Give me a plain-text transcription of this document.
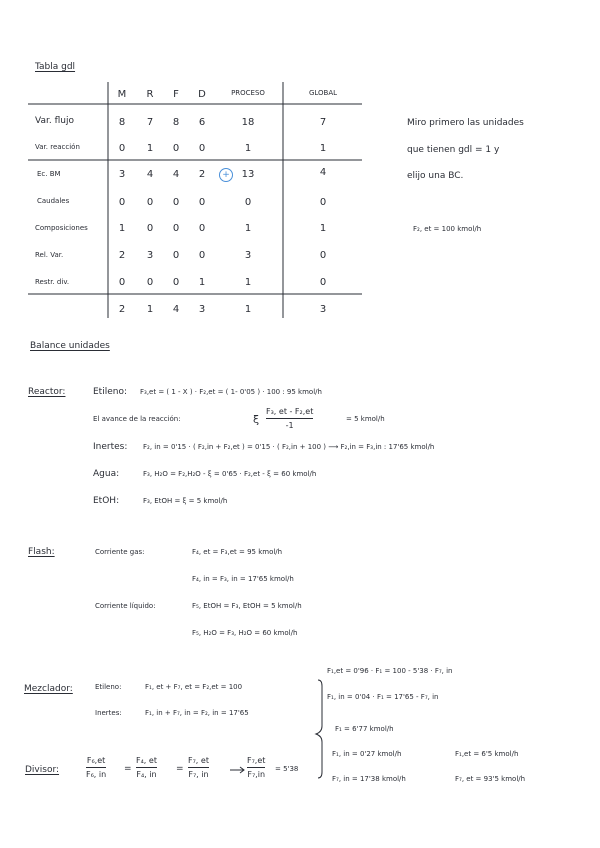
Tabla gdl
M	R	F	D	PROCESO	GLOBAL
Var. flujo	8	7	8	6	18	7
Var. reacción	0	1	0	0	1	1
Ec. BM	3	4	4	2	+	13	4
Caudales	0	0	0	0	0	0
Composiciones	1	0	0	0	1	1
Rel. Var.	2	3	0	0	3	0
Restr. div.	0	0	0	1	1	0
2	1	4	3	1	3
Miro primero las unidades
que tienen gdl = 1 y
elijo una BC.
F₂, et = 100 kmol/h
Balance unidades
Reactor:	Etileno: F₃,et = ( 1 - X ) · F₂,et = ( 1- 0'05 ) · 100 : 95 kmol/h
El avance de la reacción:	ξ
F₃, et - F₂,et
-1
= 5 kmol/h
Inertes: F₂, in = 0'15 · ( F₂,in + F₂,et ) = 0'15 · ( F₂,in + 100 ) ⟶ F₂,in = F₃,in : 17'65 kmol/h
Agua:	F₃, H₂O = F₂,H₂O - ξ = 0'65 · F₂,et - ξ = 60 kmol/h
EtOH:	F₃, EtOH = ξ = 5 kmol/h
Flash:	Corriente gas:	F₄, et = F₃,et = 95 kmol/h
F₄, in = F₃, in = 17'65 kmol/h
Corriente líquido:	F₅, EtOH = F₃, EtOH = 5 kmol/h
F₅, H₂O = F₃, H₂O = 60 kmol/h
Mezclador:	Etileno:	F₁, et + F₇, et = F₂,et = 100
Inertes:	F₁, in + F₇, in = F₂, in = 17'65
Divisor:
F₆,et
F₆, in
=
F₄, et
F₄, in
=
F₇, et
F₇, in
F₇,et
F₇,in
= 5'38
F₁,et = 0'96 · F₁ = 100 - 5'38 · F₇, in
F₁, in = 0'04 · F₁ = 17'65 - F₇, in
F₁ = 6'77 kmol/h
F₁, in = 0'27 kmol/h	F₁,et = 6'5 kmol/h
F₇, in = 17'38 kmol/h	F₇, et = 93'5 kmol/h
